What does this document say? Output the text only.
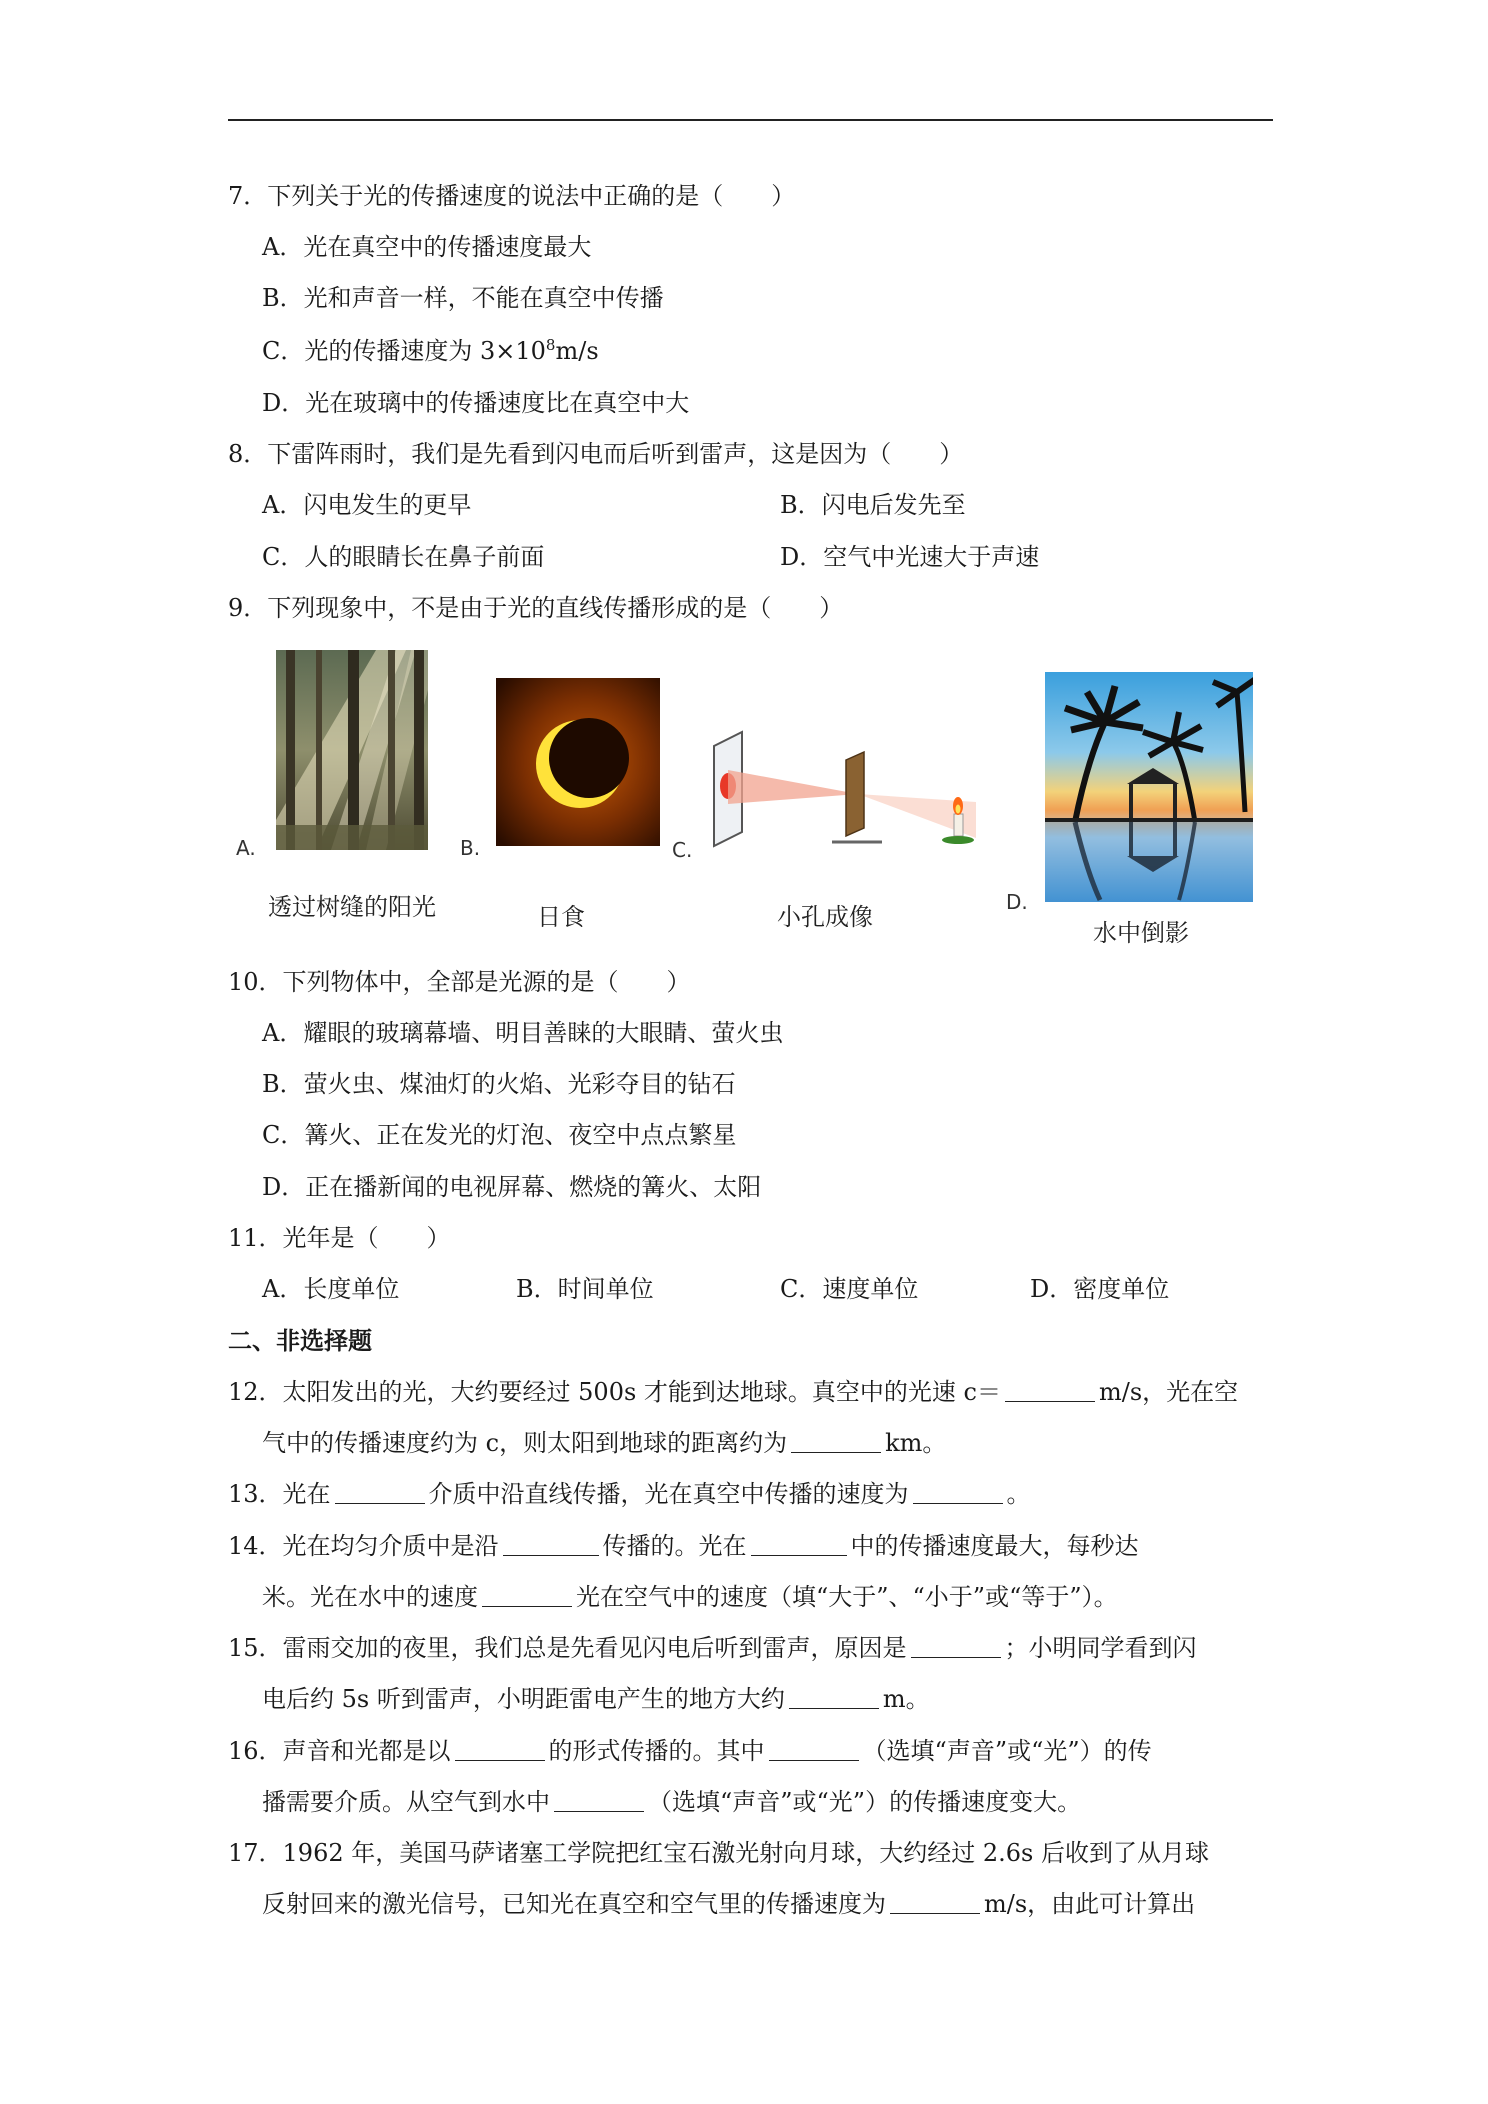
7．下列关于光的传播速度的说法中正确的是（　　）
A．光在真空中的传播速度最大
B．光和声音一样，不能在真空中传播
C．光的传播速度为 $3\times 10^8m/s$
D．光在玻璃中的传播速度比在真空中大
8．下雷阵雨时，我们是先看到闪电而后听到雷声，这是因为（　　）
A．闪电发生的更早	B．闪电后发先至
C．人的眼睛长在鼻子前面	D．空气中光速大于声速
9．下列现象中，不是由于光的直线传播形成的是（　　）
A.
透过树缝的阳光
B.
日食
C.
小孔成像
D.
水中倒影
10．下列物体中，全部是光源的是（　　）
A．耀眼的玻璃幕墙、明目善睐的大眼睛、萤火虫
B．萤火虫、煤油灯的火焰、光彩夺目的钻石
C．篝火、正在发光的灯泡、夜空中点点繁星
D．正在播新闻的电视屏幕、燃烧的篝火、太阳
11．光年是（　　）
A．长度单位	B．时间单位	C．速度单位	D．密度单位
二、非选择题
12．太阳发出的光，大约要经过 500s 才能到达地球。真空中的光速 c＝	m/s，光在空
气中的传播速度约为 c，则太阳到地球的距离约为	km。
13．光在	介质中沿直线传播，光在真空中传播的速度为	。
14．光在均匀介质中是沿	传播的。光在	中的传播速度最大，每秒达
米。光在水中的速度	光在空气中的速度（填“大于”、“小于”或“等于”）。
15．雷雨交加的夜里，我们总是先看见闪电后听到雷声，原因是	；小明同学看到闪
电后约 5s 听到雷声，小明距雷电产生的地方大约	m。
16．声音和光都是以	的形式传播的。其中	（选填“声音”或“光”）的传
播需要介质。从空气到水中	（选填“声音”或“光”）的传播速度变大。
17．1962 年，美国马萨诸塞工学院把红宝石激光射向月球，大约经过 2.6s 后收到了从月球
反射回来的激光信号，已知光在真空和空气里的传播速度为	m/s，由此可计算出
